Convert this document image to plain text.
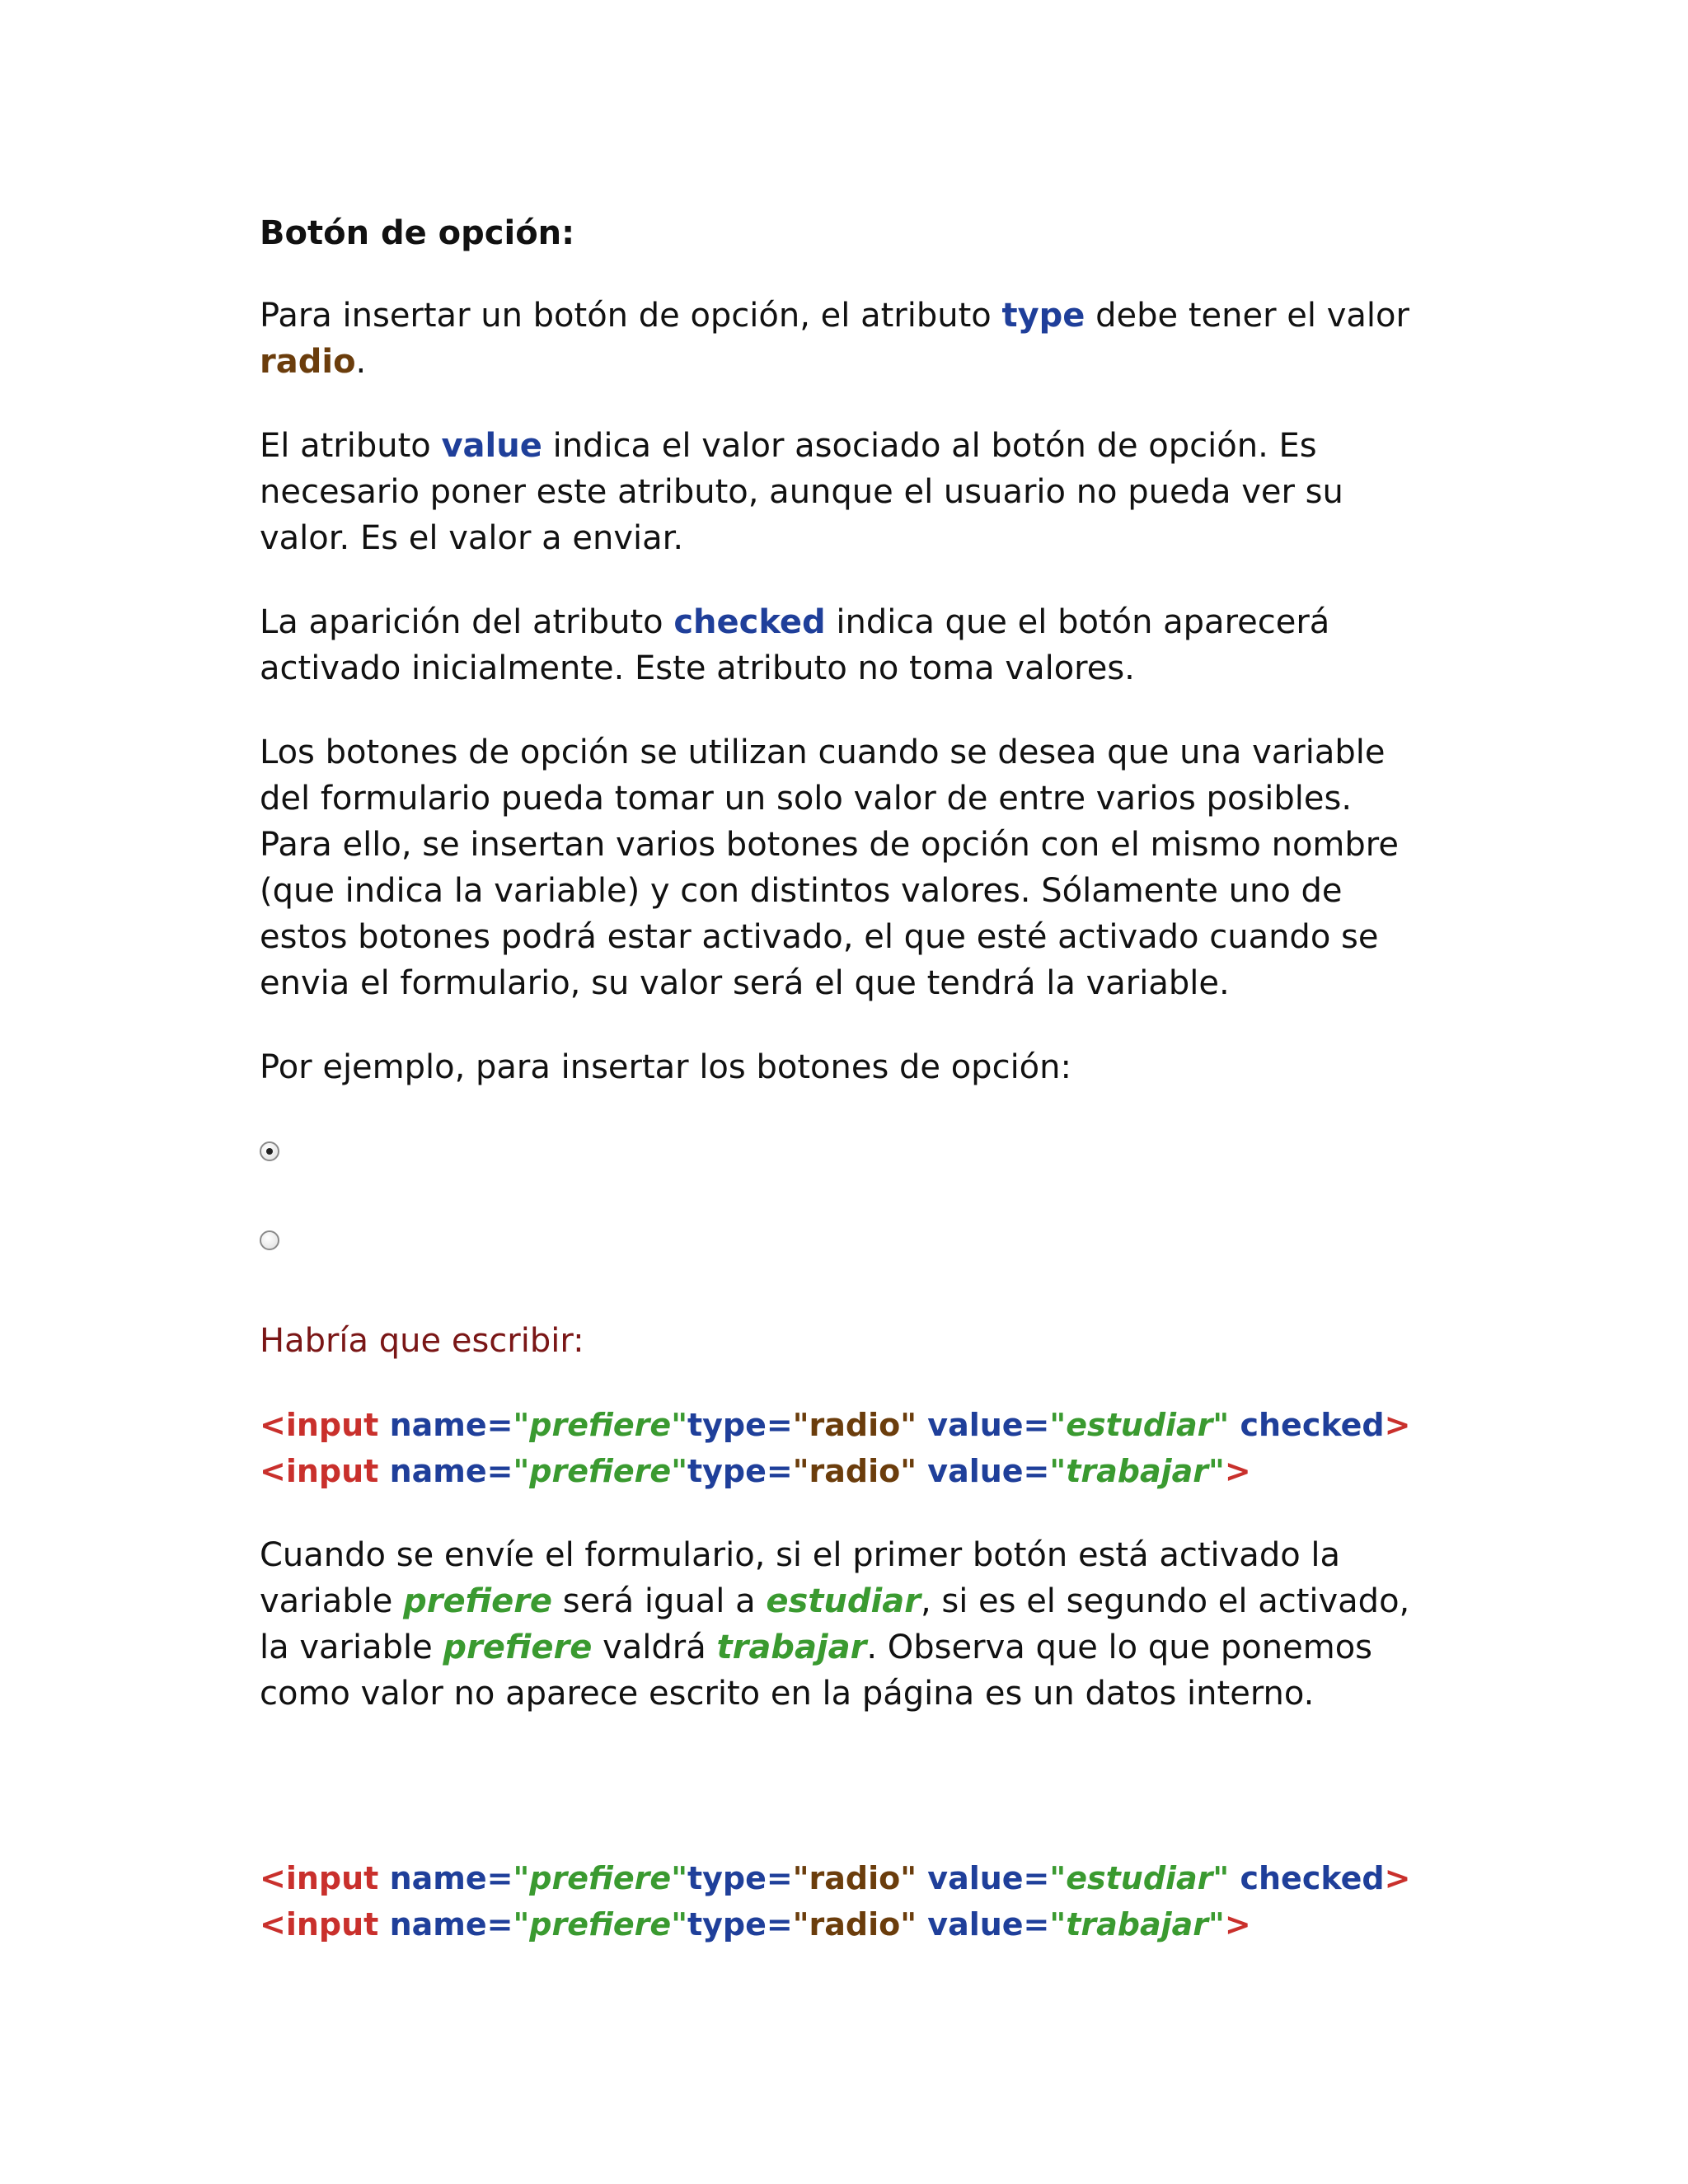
Botón de opción:

Para insertar un botón de opción, el atributo type debe tener el valor radio.

El atributo value indica el valor asociado al botón de opción. Es necesario poner este atributo, aunque el usuario no pueda ver su valor. Es el valor a enviar.

La aparición del atributo checked indica que el botón aparecerá activado inicialmente. Este atributo no toma valores.

Los botones de opción se utilizan cuando se desea que una variable del formulario pueda tomar un solo valor de entre varios posibles. Para ello, se insertan varios botones de opción con el mismo nombre (que indica la variable) y con distintos valores. Sólamente uno de estos botones podrá estar activado, el que esté activado cuando se envia el formulario, su valor será el que tendrá la variable.

Por ejemplo, para insertar los botones de opción:

Habría que escribir:
<input name="prefiere"type="radio" value="estudiar" checked>
<input name="prefiere"type="radio" value="trabajar">

Cuando se envíe el formulario, si el primer botón está activado la variable prefiere será igual a estudiar, si es el segundo el activado, la variable prefiere valdrá trabajar. Observa que lo que ponemos como valor no aparece escrito en la página es un datos interno.

<input name="prefiere"type="radio" value="estudiar" checked>
<input name="prefiere"type="radio" value="trabajar">
